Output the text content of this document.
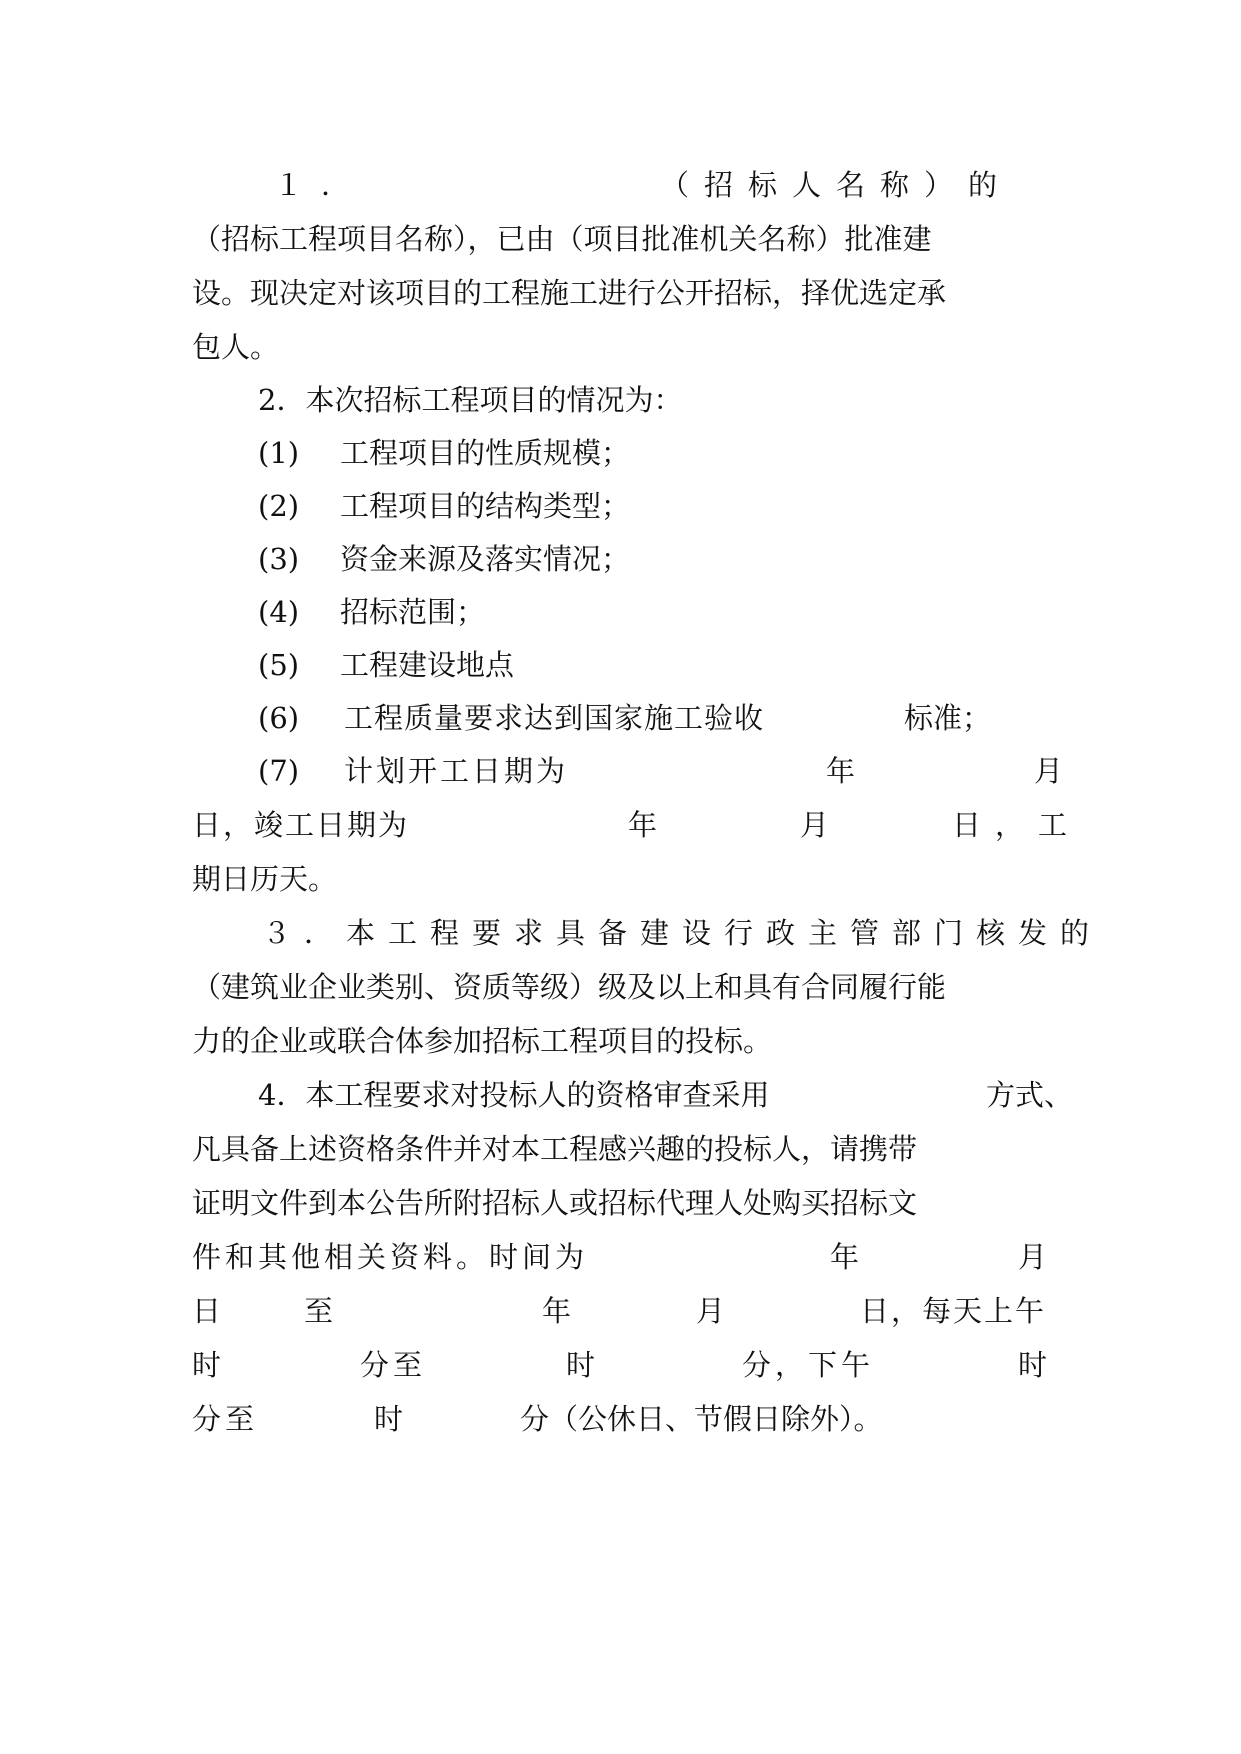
１．	（招标人名称）的
（招标工程项目名称），已由（项目批准机关名称）批准建
设。现决定对该项目的工程施工进行公开招标，择优选定承
包人。
2．本次招标工程项目的情况为：
(1) 工程项目的性质规模；
(2) 工程项目的结构类型；
(3) 资金来源及落实情况；
(4) 招标范围；
(5) 工程建设地点
(6) 工程质量要求达到国家施工验收	标准；
(7) 计划开工日期为	年	月
日，竣工日期为	年	月	日，工
期日历天。
３．本工程要求具备建设行政主管部门核发的
（建筑业企业类别、资质等级）级及以上和具有合同履行能
力的企业或联合体参加招标工程项目的投标。
4．本工程要求对投标人的资格审查采用	方式、
凡具备上述资格条件并对本工程感兴趣的投标人，请携带
证明文件到本公告所附招标人或招标代理人处购买招标文
件和其他相关资料。时间为	年	月
日	至	年	月	日，每天上午
时	分至	时	分，下午	时
分至	时	分（公休日、节假日除外）。
